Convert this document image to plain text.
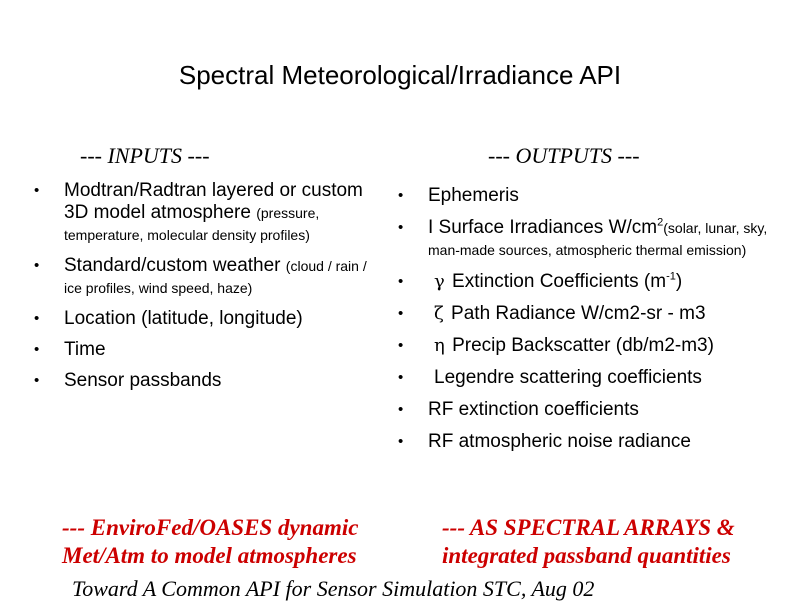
Spectral Meteorological/Irradiance API
--- INPUTS ---	--- OUTPUTS ---
• Modtran/Radtran layered or custom 3D model atmosphere (pressure, temperature, molecular density profiles)
• Standard/custom weather (cloud / rain / ice profiles, wind speed, haze)
• Location (latitude, longitude)
• Time
• Sensor passbands
• Ephemeris
• I Surface Irradiances $W/cm^2(solar$, lunar, sky, man-made sources, atmospheric thermal emission)
• γ Extinction Coefficients $(m^{-1})$
• ζ Path Radiance W/cm2-sr - m3
• η Precip Backscatter (db/m2-m3)
• Legendre scattering coefficients
• RF extinction coefficients
• RF atmospheric noise radiance
--- EnviroFed/OASES dynamic Met/Atm to model atmospheres
--- AS SPECTRAL ARRAYS & integrated passband quantities
Toward A Common API for Sensor Simulation STC, Aug 02
